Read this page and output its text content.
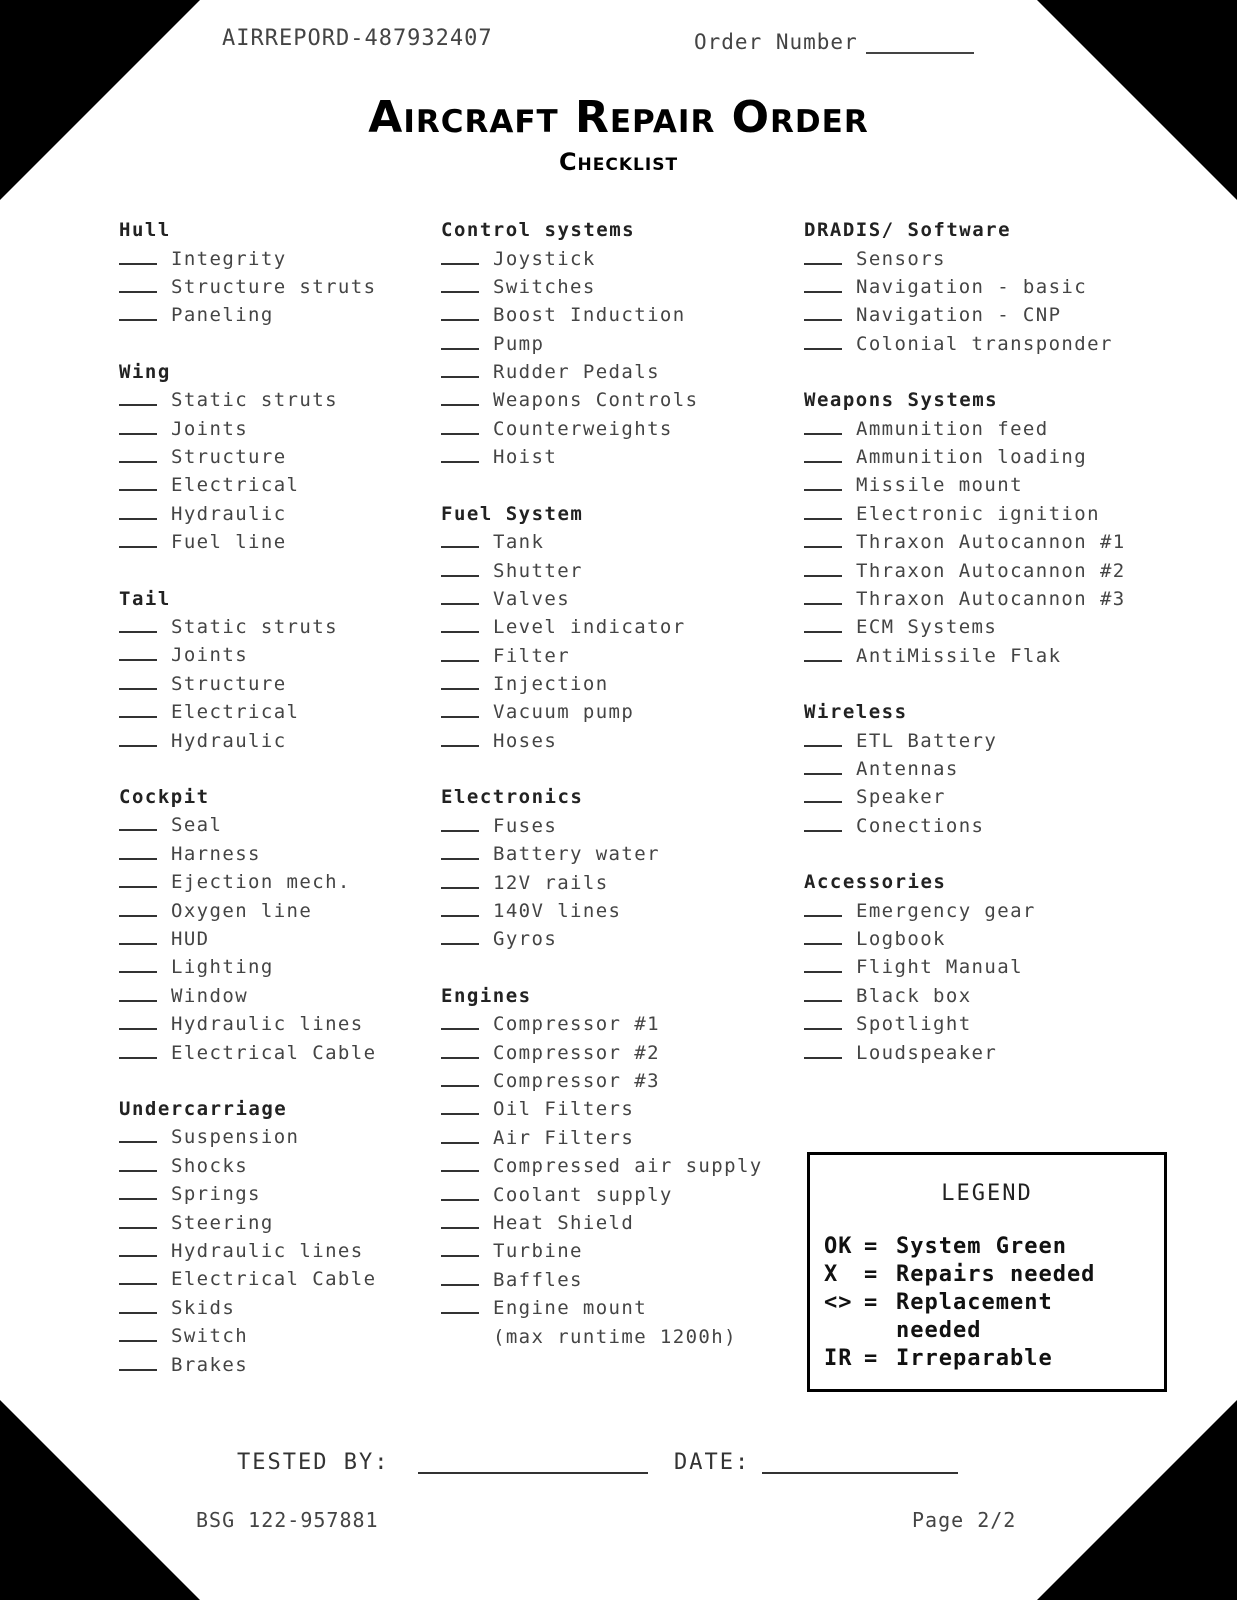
AIRREPORD-487932407	Order Number
Aircraft Repair Order
Checklist
Hull
Integrity
Structure struts
Paneling
Wing
Static struts
Joints
Structure
Electrical
Hydraulic
Fuel line
Tail
Static struts
Joints
Structure
Electrical
Hydraulic
Cockpit
Seal
Harness
Ejection mech.
Oxygen line
HUD
Lighting
Window
Hydraulic lines
Electrical Cable
Undercarriage
Suspension
Shocks
Springs
Steering
Hydraulic lines
Electrical Cable
Skids
Switch
Brakes
Control systems
Joystick
Switches
Boost Induction
Pump
Rudder Pedals
Weapons Controls
Counterweights
Hoist
Fuel System
Tank
Shutter
Valves
Level indicator
Filter
Injection
Vacuum pump
Hoses
Electronics
Fuses
Battery water
12V rails
140V lines
Gyros
Engines
Compressor #1
Compressor #2
Compressor #3
Oil Filters
Air Filters
Compressed air supply
Coolant supply
Heat Shield
Turbine
Baffles
Engine mount
(max runtime 1200h)
DRADIS/ Software
Sensors
Navigation - basic
Navigation - CNP
Colonial transponder
Weapons Systems
Ammunition feed
Ammunition loading
Missile mount
Electronic ignition
Thraxon Autocannon #1
Thraxon Autocannon #2
Thraxon Autocannon #3
ECM Systems
AntiMissile Flak
Wireless
ETL Battery
Antennas
Speaker
Conections
Accessories
Emergency gear
Logbook
Flight Manual
Black box
Spotlight
Loudspeaker
LEGEND
OK = System Green
X = Repairs needed
<> = Replacement needed
IR = Irreparable
TESTED BY:	DATE:
BSG 122-957881	Page 2/2
